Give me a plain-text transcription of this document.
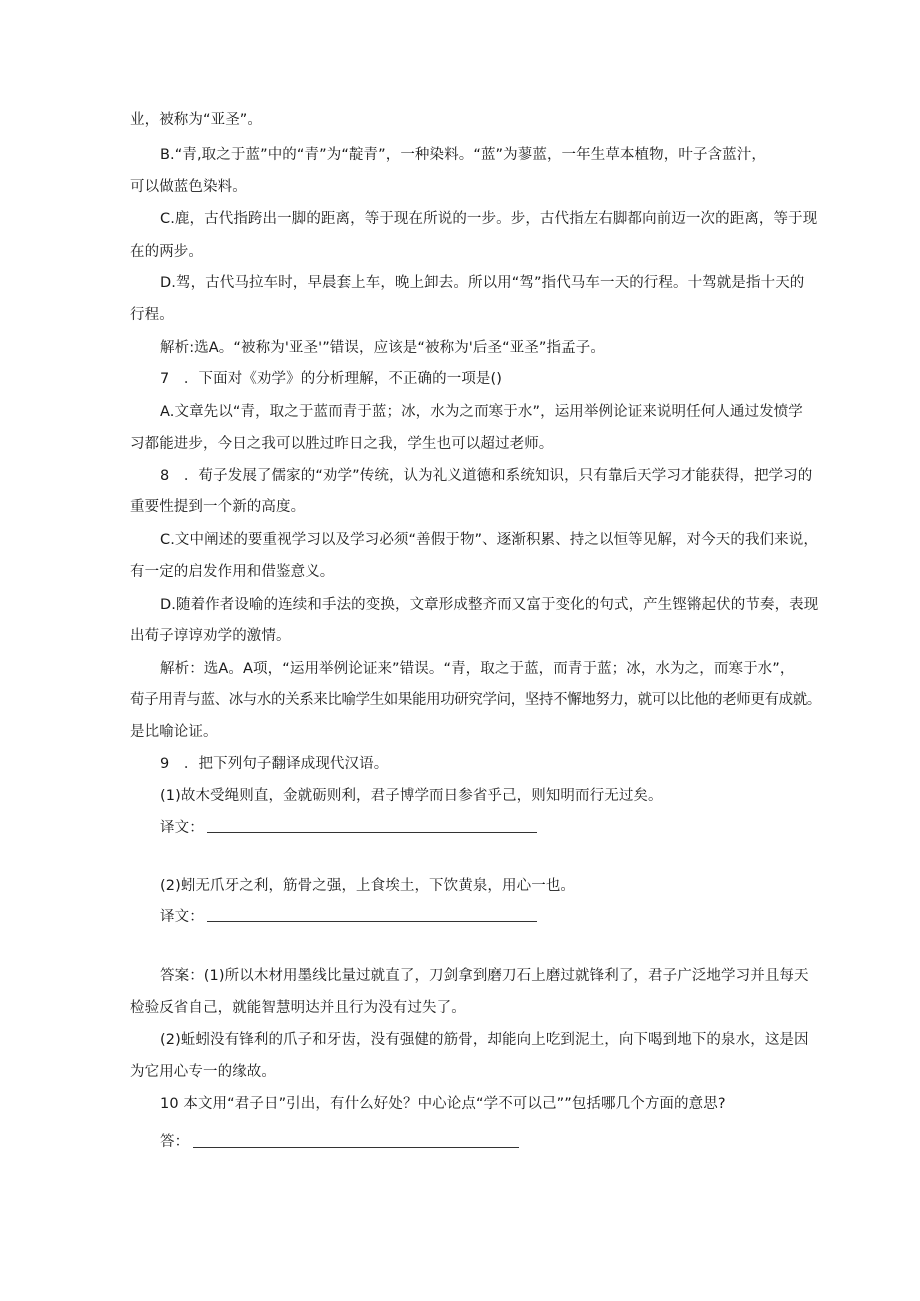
业，被称为“亚圣”。
B.“青,取之于蓝”中的“青”为“靛青”，一种染料。“蓝”为蓼蓝，一年生草本植物，叶子含蓝汁，
可以做蓝色染料。
C.鹿，古代指跨出一脚的距离，等于现在所说的一步。步，古代指左右脚都向前迈一次的距离，等于现
在的两步。
D.驾，古代马拉车时，早晨套上车，晚上卸去。所以用“驾”指代马车一天的行程。十驾就是指十天的
行程。
解析:选A。“被称为'亚圣'”错误，应该是“被称为'后圣“亚圣”指孟子。
7　．下面对《劝学》的分析理解，不正确的一项是()
A.文章先以“青，取之于蓝而青于蓝；冰，水为之而寒于水”，运用举例论证来说明任何人通过发愤学
习都能进步，今日之我可以胜过昨日之我，学生也可以超过老师。
8　．荀子发展了儒家的“劝学”传统，认为礼义道德和系统知识，只有靠后天学习才能获得，把学习的
重要性提到一个新的高度。
C.文中阐述的要重视学习以及学习必须“善假于物”、逐渐积累、持之以恒等见解，对今天的我们来说，
有一定的启发作用和借鉴意义。
D.随着作者设喻的连续和手法的变换，文章形成整齐而又富于变化的句式，产生铿锵起伏的节奏，表现
出荀子谆谆劝学的激情。
解析：选A。A项，“运用举例论证来”错误。“青，取之于蓝，而青于蓝；冰，水为之，而寒于水”，
荀子用青与蓝、冰与水的关系来比喻学生如果能用功研究学问，坚持不懈地努力，就可以比他的老师更有成就。
是比喻论证。
9　．把下列句子翻译成现代汉语。
(1)故木受绳则直，金就砺则利，君子博学而日参省乎己，则知明而行无过矣。
译文：
(2)蚓无爪牙之利，筋骨之强，上食埃土，下饮黄泉，用心一也。
译文：
答案：(1)所以木材用墨线比量过就直了，刀剑拿到磨刀石上磨过就锋利了，君子广泛地学习并且每天
检验反省自己，就能智慧明达并且行为没有过失了。
(2)蚯蚓没有锋利的爪子和牙齿，没有强健的筋骨，却能向上吃到泥土，向下喝到地下的泉水，这是因
为它用心专一的缘故。
10 本文用“君子日”引出，有什么好处？中心论点“学不可以己””包括哪几个方面的意思?
答：
